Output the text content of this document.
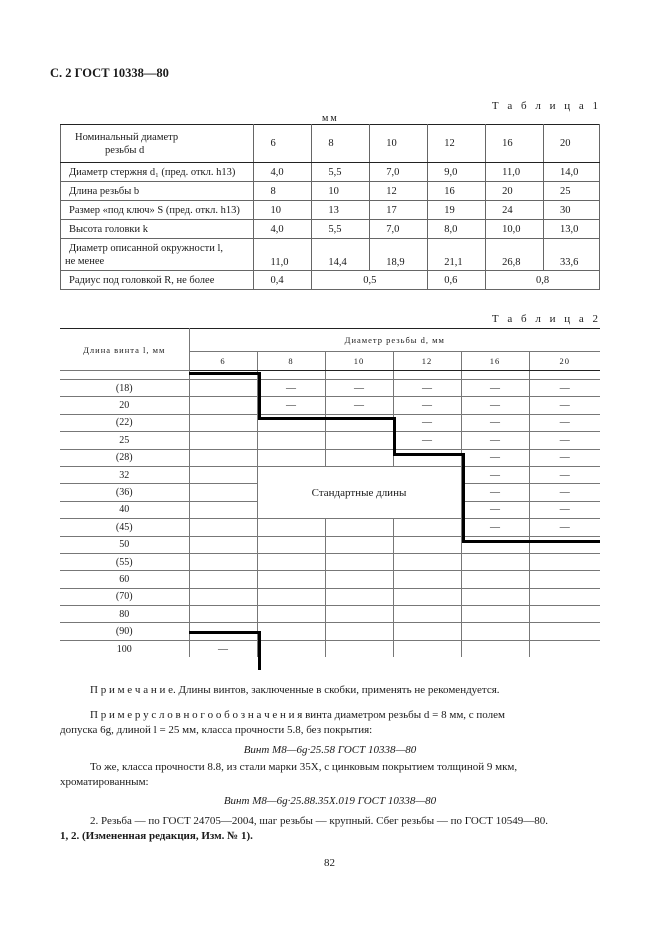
С. 2 ГОСТ 10338—80
Т а б л и ц а 1
мм
Номинальный диаметр
резьбы d	6	8	10	12	16	20
Диаметр стержня d₁ (пред. откл. h13)	4,0	5,5	7,0	9,0	11,0	14,0
Длина резьбы b	8	10	12	16	20	25
Размер «под ключ» S (пред. откл. h13)	10	13	17	19	24	30
Высота головки k	4,0	5,5	7,0	8,0	10,0	13,0

Диаметр описанной окружности l,
не менее	11,0	14,4	18,9	21,1	26,8	33,6
Радиус под головкой R, не более	0,4	0,5		0,6	0,8	
Т а б л и ц а 2
Длина винта l, мм	Диаметр резьбы d, мм					
	6	8	10	12	16	20

(18)		—	—	—	—	—
20		—	—	—	—	—
(22)				—	—	—
25				—	—	—
(28)					—	—
32		Стандартные длины			—	—
(36)					—	—
40					—	—
(45)					—	—
50						
(55)						
60						
(70)						
80						
(90)						
100	—					
П р и м е ч а н и е. Длины винтов, заключенные в скобки, применять не рекомендуется.
П р и м е р у с л о в н о г о о б о з н а ч е н и я винта диаметром резьбы d = 8 мм, с полем
допуска 6g, длиной l = 25 мм, класса прочности 5.8, без покрытия:
Винт М8—6g·25.58 ГОСТ 10338—80
То же, класса прочности 8.8, из стали марки 35Х, с цинковым покрытием толщиной 9 мкм,
хроматированным:
Винт М8—6g·25.88.35Х.019 ГОСТ 10338—80
2. Резьба — по ГОСТ 24705—2004, шаг резьбы — крупный. Сбег резьбы — по ГОСТ 10549—80.
1, 2. (Измененная редакция, Изм. № 1).
82
